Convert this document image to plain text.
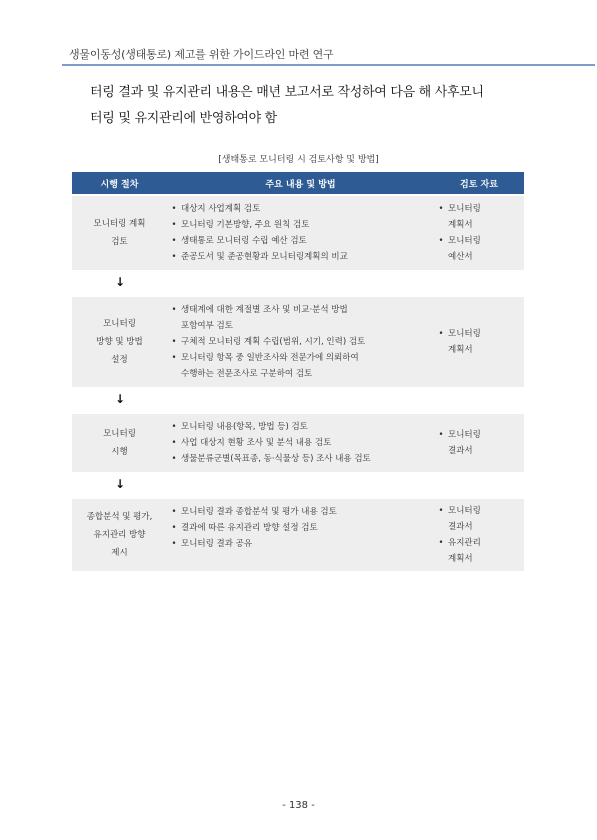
생물이동성(생태통로) 제고를 위한 가이드라인 마련 연구

터링 결과 및 유지관리 내용은 매년 보고서로 작성하여 다음 해 사후모니

터링 및 유지관리에 반영하여야 함

[생태통로 모니터링 시 검토사항 및 방법]
시행 절차	주요 내용 및 방법	검토 자료
모니터링 계획
검토
• 대상지 사업계획 검토
• 모니터링 기본방향, 주요 원칙 검토
• 생태통로 모니터링 수립 예산 검토
• 준공도서 및 준공현황과 모니터링계획의 비교
• 모니터링
계획서
• 모니터링
예산서
↓
모니터링
방향 및 방법
설정
• 생태계에 대한 계절별 조사 및 비교·분석 방법
포함여부 검토
• 구체적 모니터링 계획 수립(범위, 시기, 인력) 검토
• 모니터링 항목 중 일반조사와 전문가에 의뢰하여
수행하는 전문조사로 구분하여 검토
• 모니터링
계획서
↓
모니터링
시행
• 모니터링 내용(항목, 방법 등) 검토
• 사업 대상지 현황 조사 및 분석 내용 검토
• 생물분류군별(목표종, 동·식물상 등) 조사 내용 검토
• 모니터링
결과서
↓
종합분석 및 평가,
유지관리 방향
제시
• 모니터링 결과 종합분석 및 평가 내용 검토
• 결과에 따른 유지관리 방향 설정 검토
• 모니터링 결과 공유
• 모니터링
결과서
• 유지관리
계획서
- 138 -
